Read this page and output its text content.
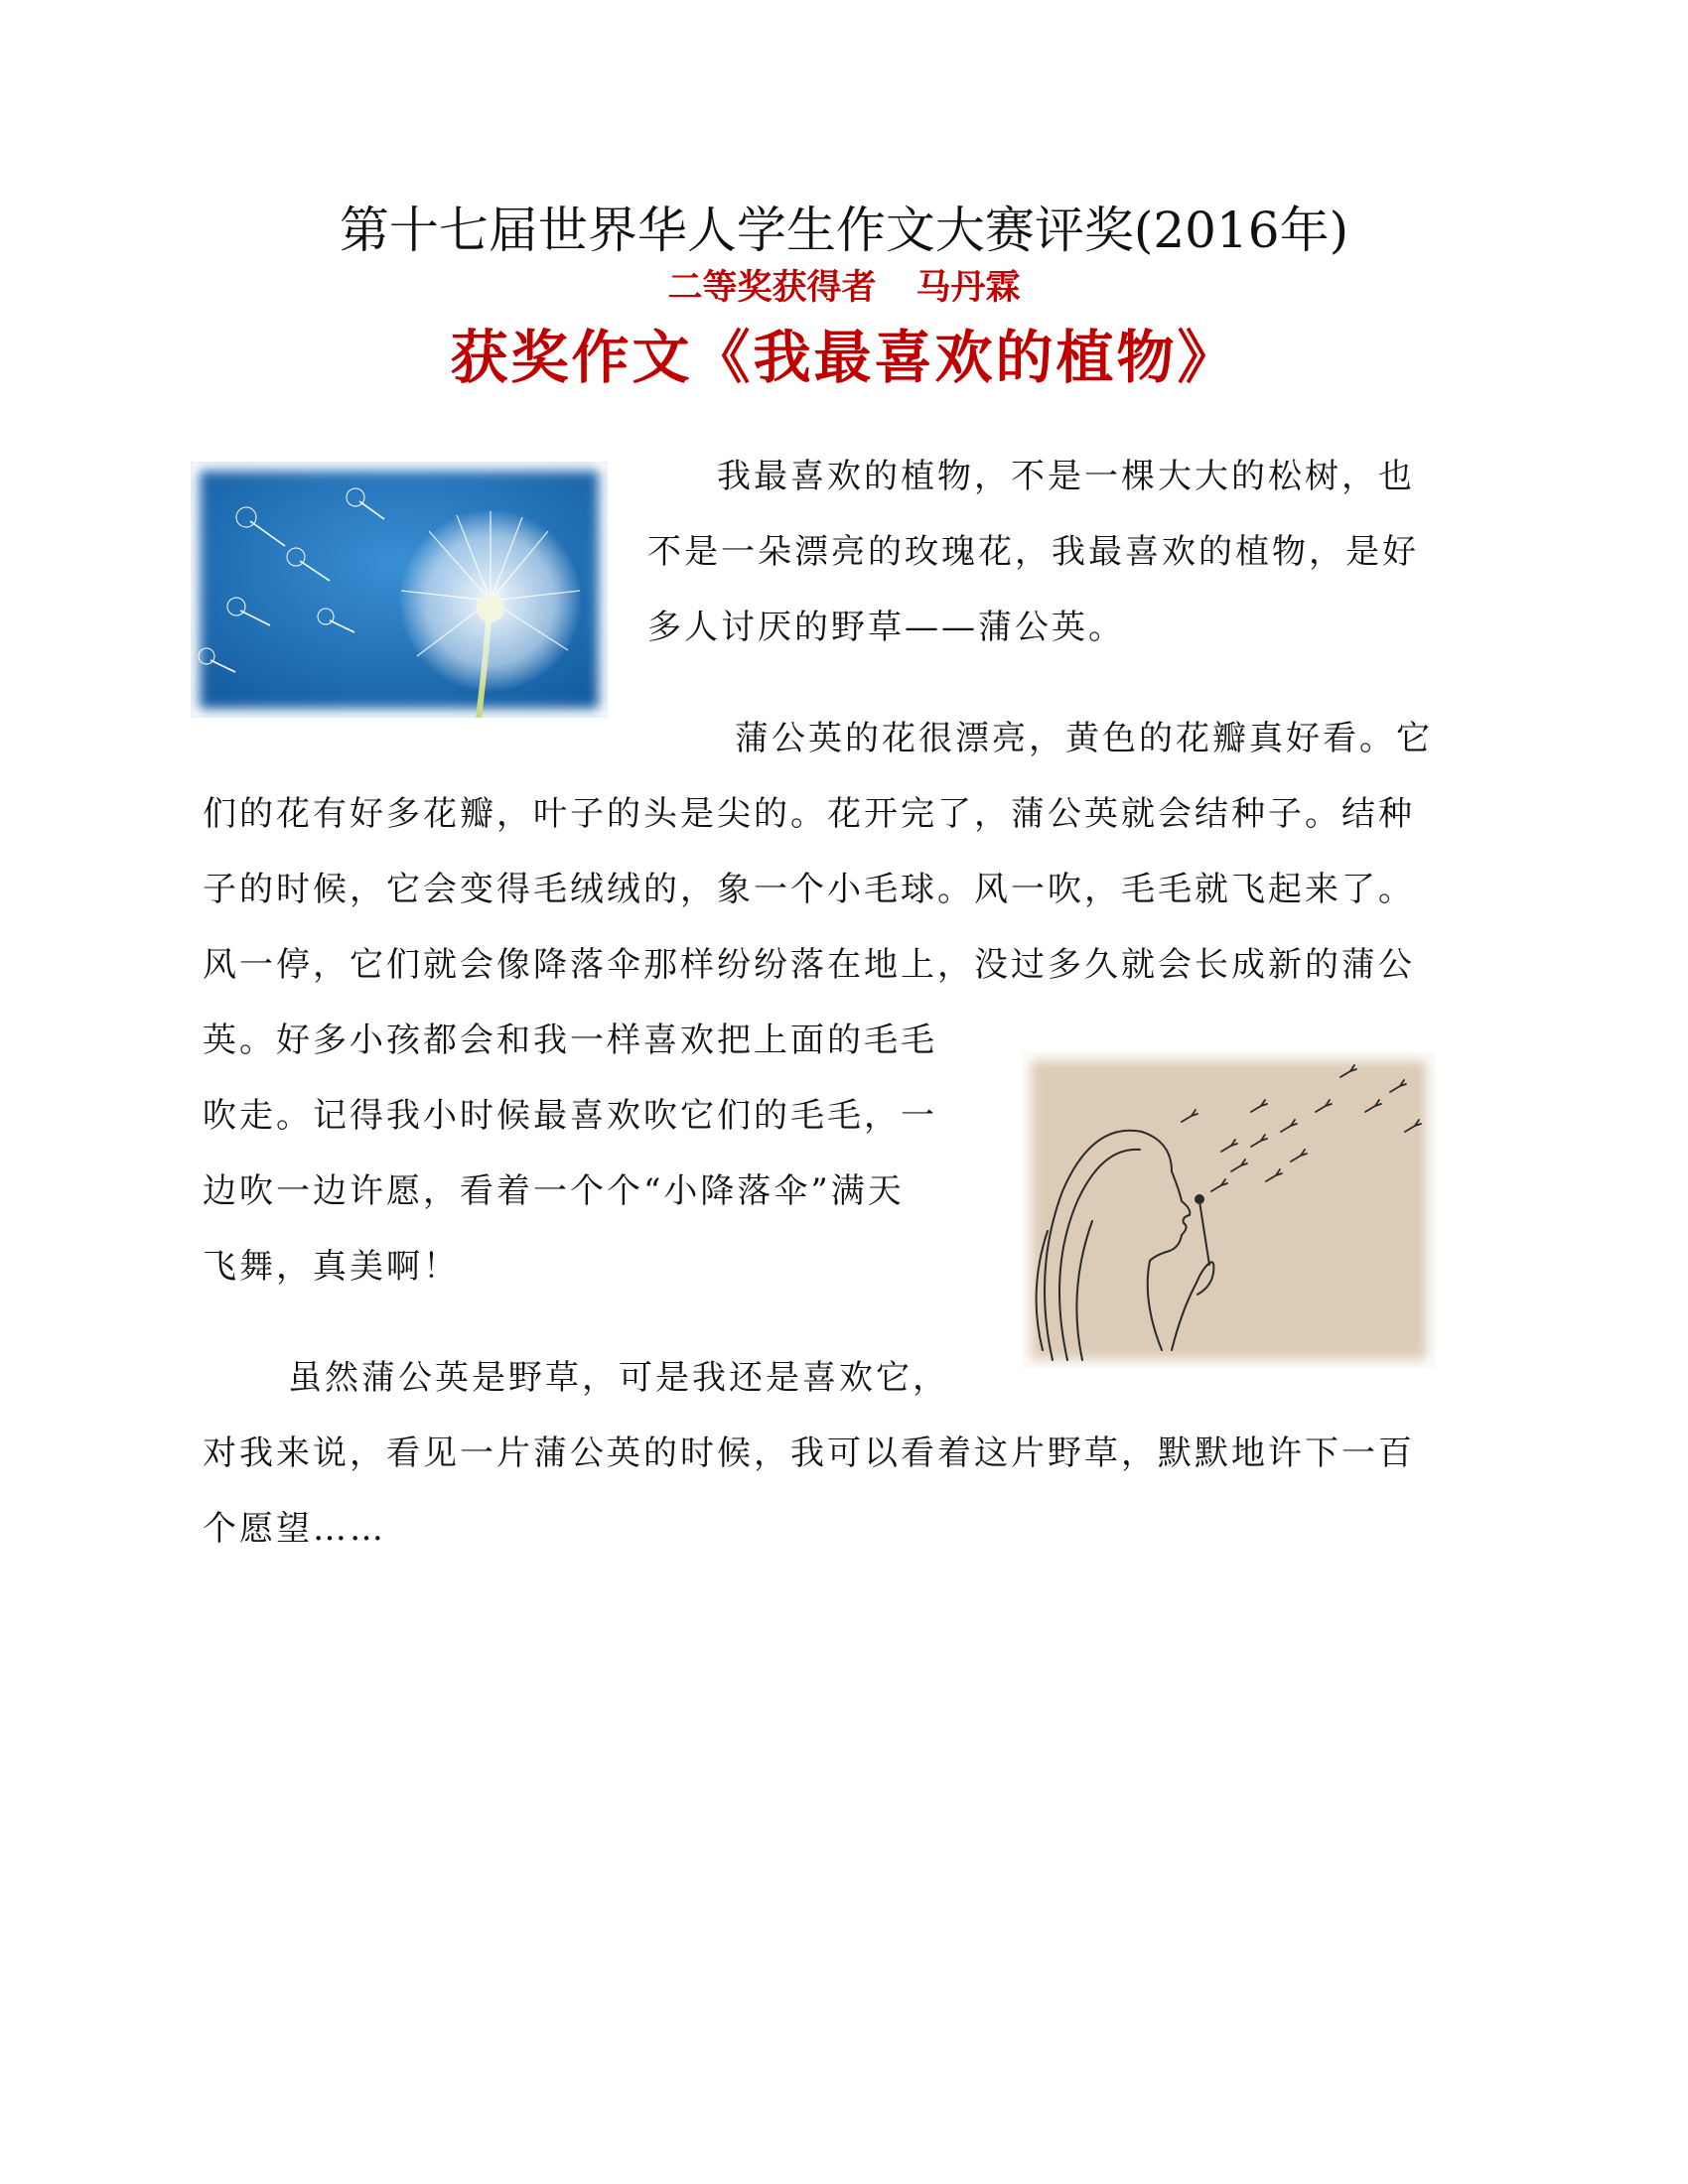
第十七届世界华人学生作文大赛评奖(2016年)
二等奖获得者 马丹霖
获奖作文《我最喜欢的植物》
我最喜欢的植物，不是一棵大大的松树，也
不是一朵漂亮的玫瑰花，我最喜欢的植物，是好
多人讨厌的野草——蒲公英。
蒲公英的花很漂亮，黄色的花瓣真好看。它
们的花有好多花瓣，叶子的头是尖的。花开完了，蒲公英就会结种子。结种
子的时候，它会变得毛绒绒的，象一个小毛球。风一吹，毛毛就飞起来了。
风一停，它们就会像降落伞那样纷纷落在地上，没过多久就会长成新的蒲公
英。好多小孩都会和我一样喜欢把上面的毛毛
吹走。记得我小时候最喜欢吹它们的毛毛，一
边吹一边许愿，看着一个个“小降落伞”满天
飞舞，真美啊！
虽然蒲公英是野草，可是我还是喜欢它，
对我来说，看见一片蒲公英的时候，我可以看着这片野草，默默地许下一百
个愿望……
